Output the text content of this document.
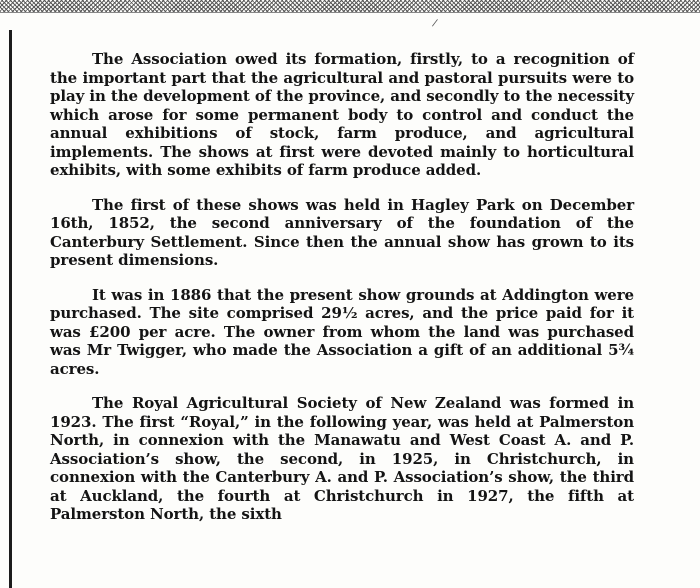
/

The Association owed its formation, firstly, to a recognition of the important part that the agricultural and pastoral pursuits were to play in the development of the province, and secondly to the necessity which arose for some permanent body to control and conduct the annual exhibitions of stock, farm produce, and agricultural implements. The shows at first were devoted mainly to horticultural exhibits, with some exhibits of farm produce added.

The first of these shows was held in Hagley Park on December 16th, 1852, the second anniversary of the foundation of the Canterbury Settlement. Since then the annual show has grown to its present dimensions.

It was in 1886 that the present show grounds at Addington were purchased. The site comprised 29½ acres, and the price paid for it was £200 per acre. The owner from whom the land was purchased was Mr Twigger, who made the Association a gift of an additional 5¾ acres.

The Royal Agricultural Society of New Zealand was formed in 1923. The first “Royal,” in the following year, was held at Palmerston North, in connexion with the Manawatu and West Coast A. and P. Association’s show, the second, in 1925, in Christchurch, in connexion with the Canterbury A. and P. Association’s show, the third at Auckland, the fourth at Christchurch in 1927, the fifth at Palmerston North, the sixth
